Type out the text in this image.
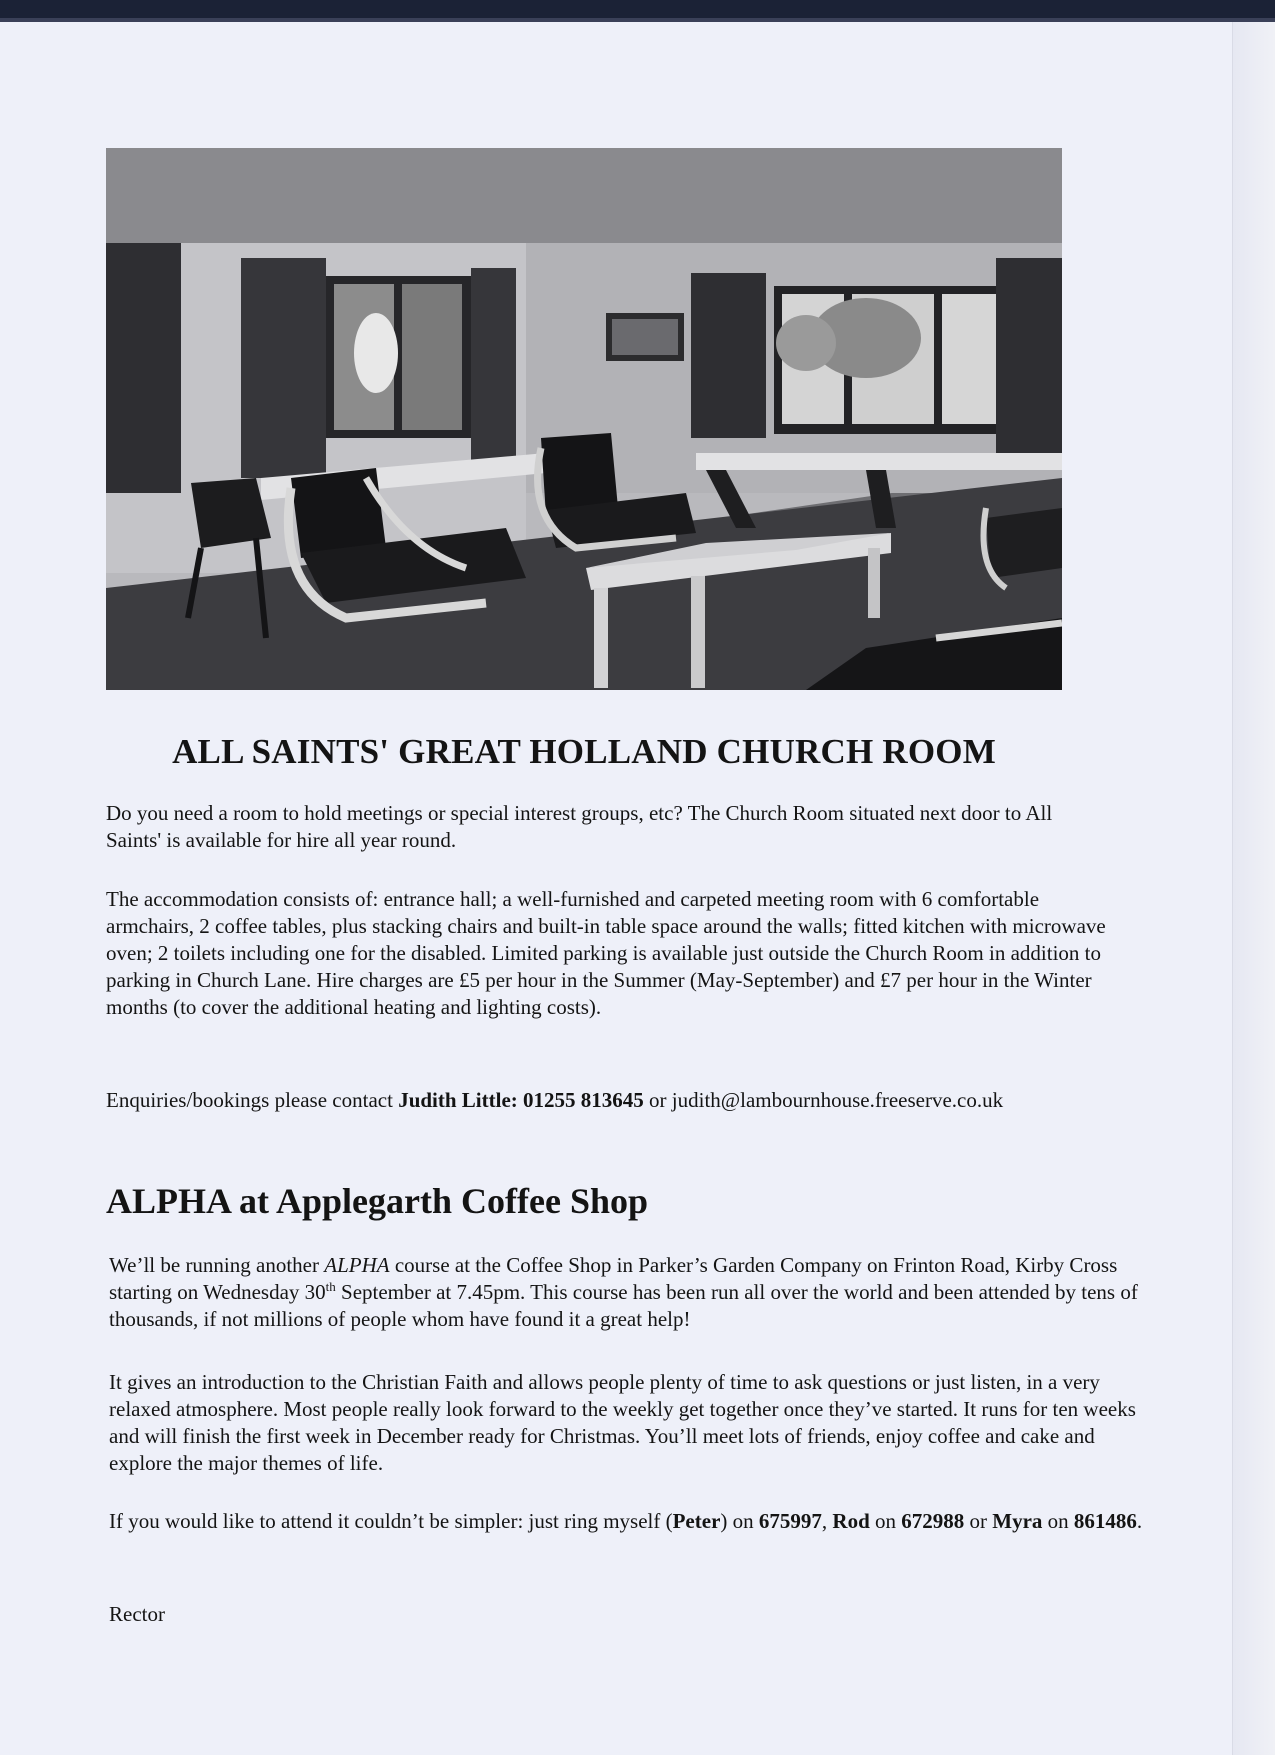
ALL SAINTS' GREAT HOLLAND CHURCH ROOM

Do you need a room to hold meetings or special interest groups, etc? The Church Room situated next door to All Saints' is available for hire all year round.

The accommodation consists of: entrance hall; a well-furnished and carpeted meeting room with 6 comfortable armchairs, 2 coffee tables, plus stacking chairs and built-in table space around the walls; fitted kitchen with microwave oven; 2 toilets including one for the disabled. Limited parking is available just outside the Church Room in addition to parking in Church Lane. Hire charges are £5 per hour in the Summer (May-September) and £7 per hour in the Winter months (to cover the additional heating and lighting costs).

Enquiries/bookings please contact Judith Little: 01255 813645 or judith@lambournhouse.freeserve.co.uk

ALPHA at Applegarth Coffee Shop

We’ll be running another ALPHA course at the Coffee Shop in Parker’s Garden Company on Frinton Road, Kirby Cross starting on Wednesday 30th September at 7.45pm. This course has been run all over the world and been attended by tens of thousands, if not millions of people whom have found it a great help!

It gives an introduction to the Christian Faith and allows people plenty of time to ask questions or just listen, in a very relaxed atmosphere. Most people really look forward to the weekly get together once they’ve started. It runs for ten weeks and will finish the first week in December ready for Christmas. You’ll meet lots of friends, enjoy coffee and cake and explore the major themes of life.

If you would like to attend it couldn’t be simpler: just ring myself (Peter) on 675997, Rod on 672988 or Myra on 861486.

Rector
